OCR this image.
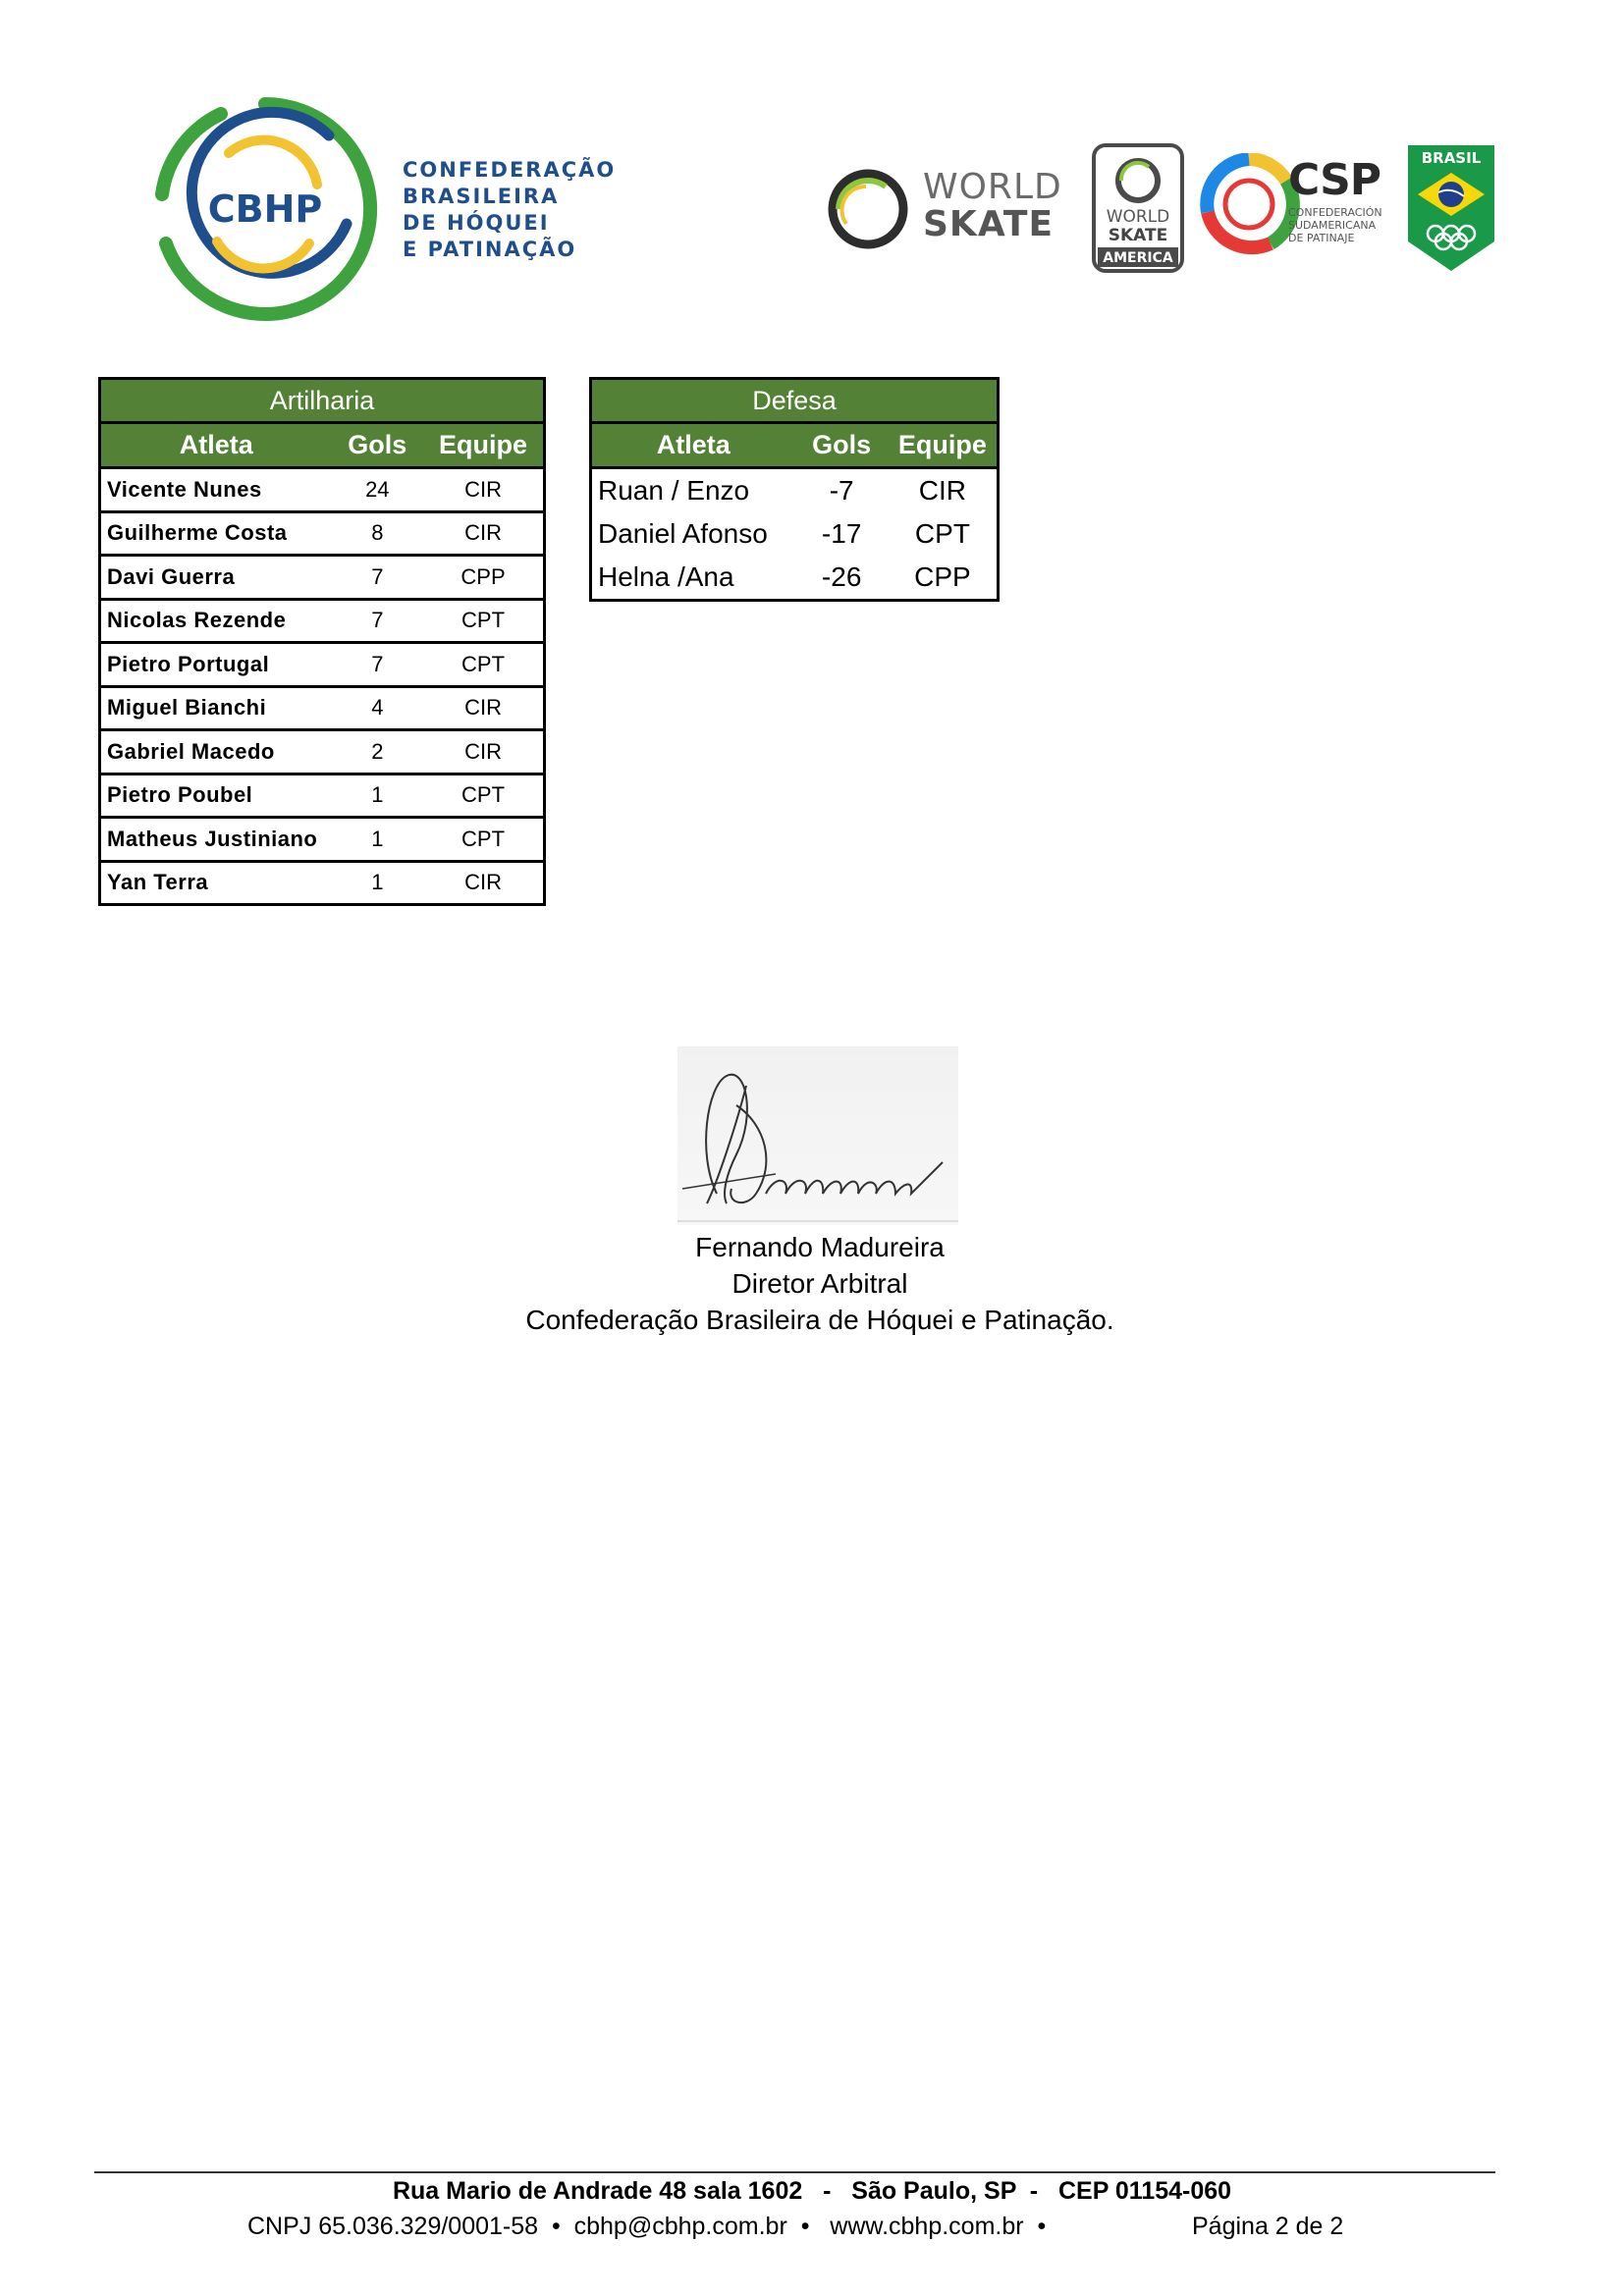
CBHP
CONFEDERAÇÃO
BRASILEIRA
DE HÓQUEI
E PATINAÇÃO
WORLD
SKATE	WORLD
SKATE
AMERICA
CSP
CONFEDERACIÓN
SUDAMERICANA
DE PATINAJE
BRASIL
Artilharia		
Atleta	Gols	Equipe
Vicente Nunes	24	CIR
Guilherme Costa	8	CIR
Davi Guerra	7	CPP
Nicolas Rezende	7	CPT
Pietro Portugal	7	CPT
Miguel Bianchi	4	CIR
Gabriel Macedo	2	CIR
Pietro Poubel	1	CPT
Matheus Justiniano	1	CPT
Yan Terra	1	CIR
Defesa		
Atleta	Gols	Equipe
Ruan / Enzo	-7	CIR
Daniel Afonso	-17	CPT
Helna /Ana	-26	CPP
Fernando Madureira
Diretor Arbitral
Confederação Brasileira de Hóquei e Patinação.
Rua Mario de Andrade 48 sala 1602   -   São Paulo, SP  -   CEP 01154-060
CNPJ 65.036.329/0001-58 • cbhp@cbhp.com.br • www.cbhp.com.br •	Página 2 de 2
